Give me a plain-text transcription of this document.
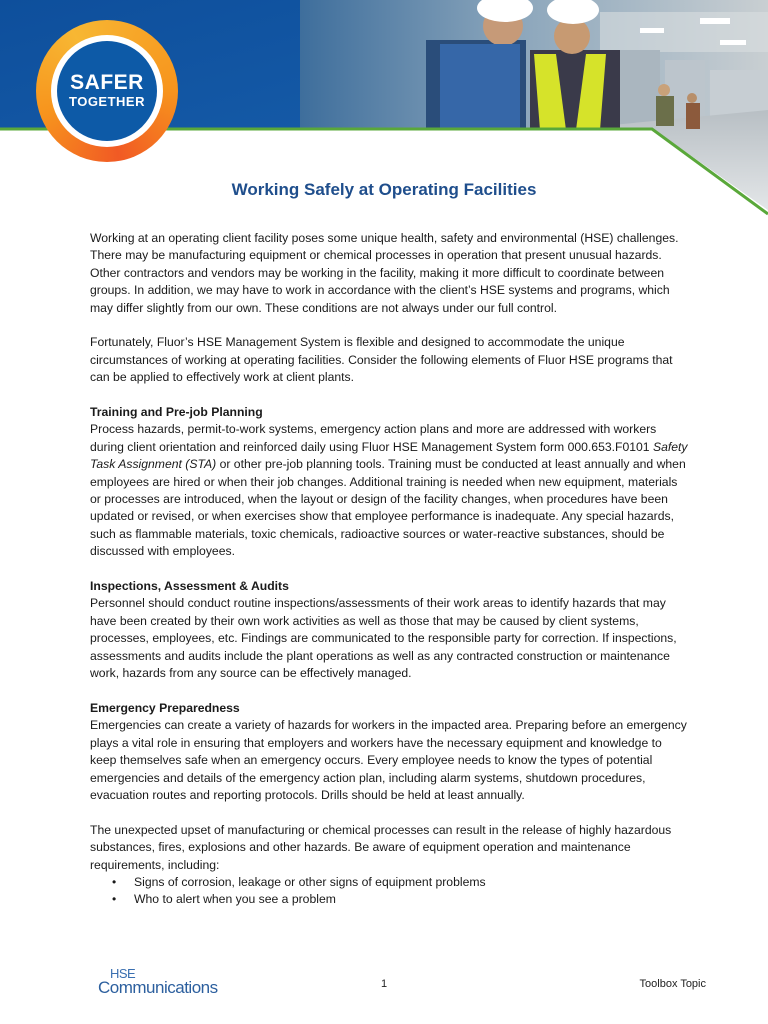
SAFER
TOGETHER
Working Safely at Operating Facilities

Working at an operating client facility poses some unique health, safety and environmental (HSE) challenges. There may be manufacturing equipment or chemical processes in operation that present unusual hazards. Other contractors and vendors may be working in the facility, making it more difficult to coordinate between groups. In addition, we may have to work in accordance with the client’s HSE systems and programs, which may differ slightly from our own. These conditions are not always under our full control.

Fortunately, Fluor’s HSE Management System is flexible and designed to accommodate the unique circumstances of working at operating facilities. Consider the following elements of Fluor HSE programs that can be applied to effectively work at client plants.

Training and Pre-job Planning
Process hazards, permit-to-work systems, emergency action plans and more are addressed with workers during client orientation and reinforced daily using Fluor HSE Management System form 000.653.F0101 Safety Task Assignment (STA) or other pre-job planning tools. Training must be conducted at least annually and when employees are hired or when their job changes. Additional training is needed when new equipment, materials or processes are introduced, when the layout or design of the facility changes, when procedures have been updated or revised, or when exercises show that employee performance is inadequate. Any special hazards, such as flammable materials, toxic chemicals, radioactive sources or water-reactive substances, should be discussed with employees.

Inspections, Assessment & Audits
Personnel should conduct routine inspections/assessments of their work areas to identify hazards that may have been created by their own work activities as well as those that may be caused by client systems, processes, employees, etc. Findings are communicated to the responsible party for correction. If inspections, assessments and audits include the plant operations as well as any contracted construction or maintenance work, hazards from any source can be effectively managed.

Emergency Preparedness
Emergencies can create a variety of hazards for workers in the impacted area. Preparing before an emergency plays a vital role in ensuring that employers and workers have the necessary equipment and knowledge to keep themselves safe when an emergency occurs. Every employee needs to know the types of potential emergencies and details of the emergency action plan, including alarm systems, shutdown procedures, evacuation routes and reporting protocols. Drills should be held at least annually.

The unexpected upset of manufacturing or chemical processes can result in the release of highly hazardous substances, fires, explosions and other hazards. Be aware of equipment operation and maintenance requirements, including:

• Signs of corrosion, leakage or other signs of equipment problems
• Who to alert when you see a problem
HSE
Communications	1	Toolbox Topic
